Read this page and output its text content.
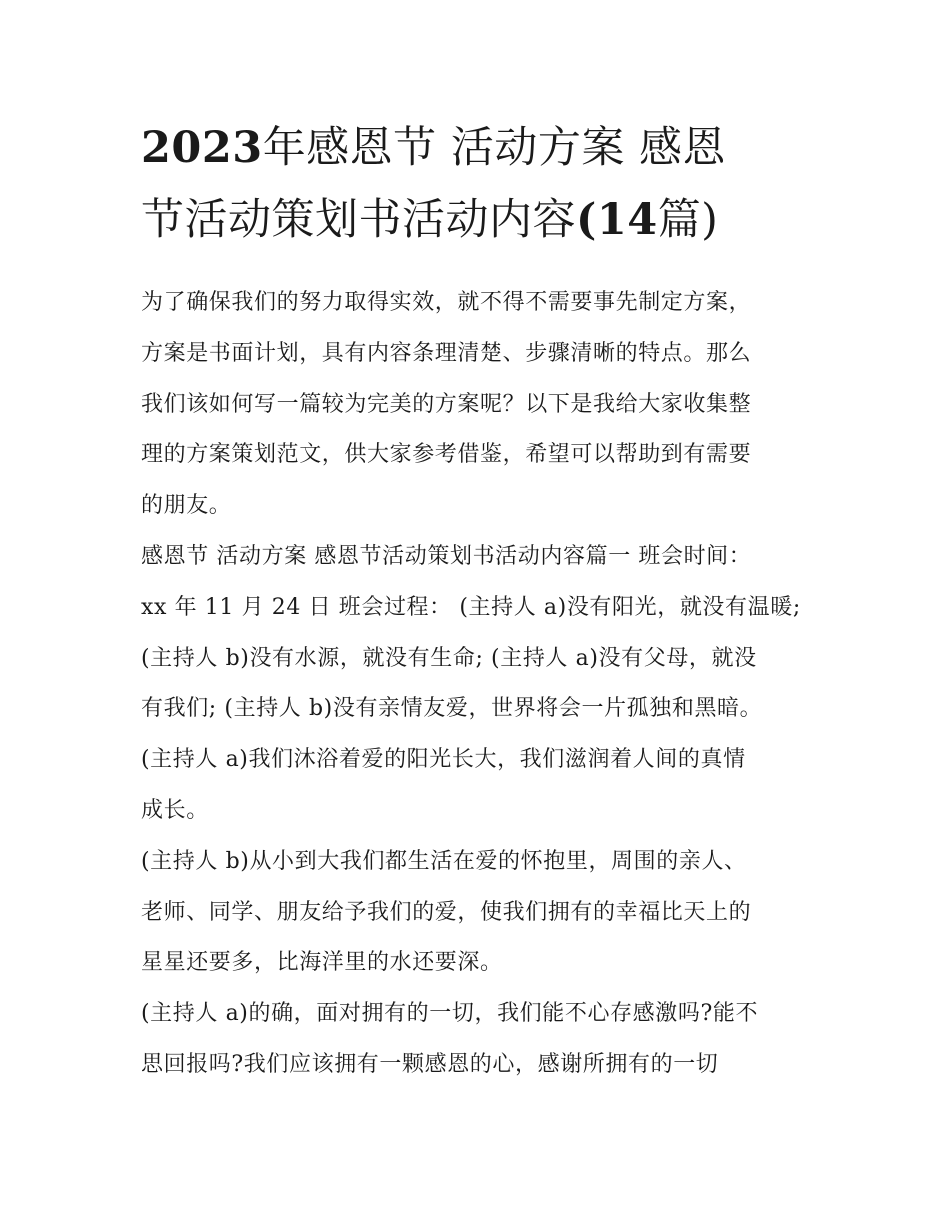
2023年感恩节 活动方案 感恩
节活动策划书活动内容(14篇)

为了确保我们的努力取得实效，就不得不需要事先制定方案，
方案是书面计划，具有内容条理清楚、步骤清晰的特点。那么
我们该如何写一篇较为完美的方案呢？以下是我给大家收集整
理的方案策划范文，供大家参考借鉴，希望可以帮助到有需要
的朋友。

感恩节 活动方案 感恩节活动策划书活动内容篇一 班会时间：
xx 年 11 月 24 日 班会过程： (主持人 a)没有阳光，就没有温暖;
(主持人 b)没有水源，就没有生命; (主持人 a)没有父母，就没
有我们; (主持人 b)没有亲情友爱，世界将会一片孤独和黑暗。
(主持人 a)我们沐浴着爱的阳光长大，我们滋润着人间的真情
成长。

(主持人 b)从小到大我们都生活在爱的怀抱里，周围的亲人、
老师、同学、朋友给予我们的爱，使我们拥有的幸福比天上的
星星还要多，比海洋里的水还要深。

(主持人 a)的确，面对拥有的一切，我们能不心存感激吗?能不
思回报吗?我们应该拥有一颗感恩的心，感谢所拥有的一切
